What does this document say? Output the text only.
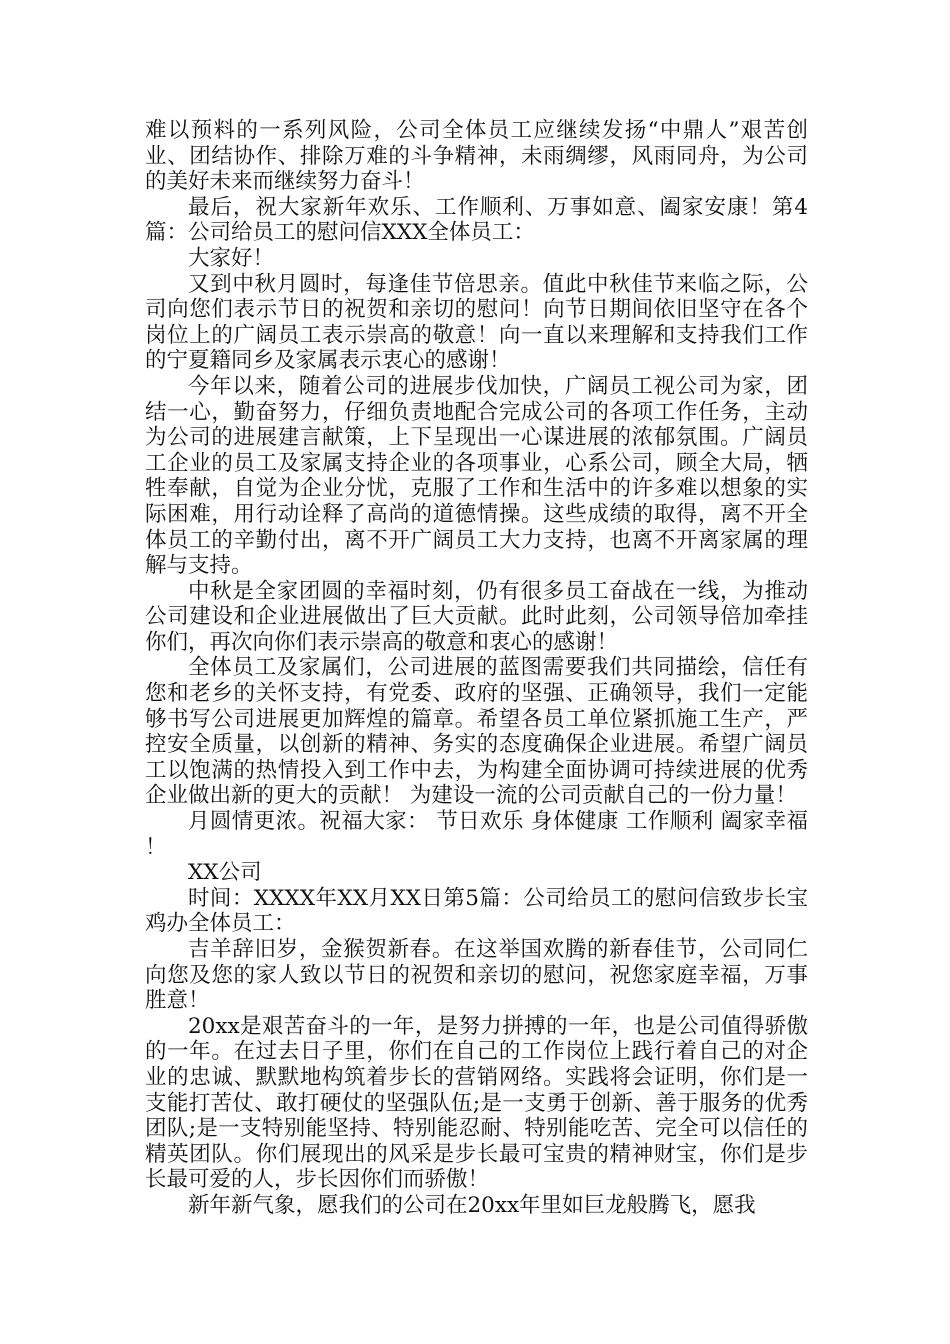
难以预料的一系列风险，公司全体员工应继续发扬“中鼎人”艰苦创业、团结协作、排除万难的斗争精神，未雨绸缪，风雨同舟，为公司的美好未来而继续努力奋斗！

最后，祝大家新年欢乐、工作顺利、万事如意、阖家安康！第4篇：公司给员工的慰问信XXX全体员工：

大家好！

又到中秋月圆时，每逢佳节倍思亲。值此中秋佳节来临之际，公司向您们表示节日的祝贺和亲切的慰问！向节日期间依旧坚守在各个岗位上的广阔员工表示崇高的敬意！向一直以来理解和支持我们工作的宁夏籍同乡及家属表示衷心的感谢！

今年以来，随着公司的进展步伐加快，广阔员工视公司为家，团结一心，勤奋努力，仔细负责地配合完成公司的各项工作任务，主动为公司的进展建言献策，上下呈现出一心谋进展的浓郁氛围。广阔员工企业的员工及家属支持企业的各项事业，心系公司，顾全大局，牺牲奉献，自觉为企业分忧，克服了工作和生活中的许多难以想象的实际困难，用行动诠释了高尚的道德情操。这些成绩的取得，离不开全体员工的辛勤付出，离不开广阔员工大力支持，也离不开离家属的理解与支持。

中秋是全家团圆的幸福时刻，仍有很多员工奋战在一线，为推动公司建设和企业进展做出了巨大贡献。此时此刻，公司领导倍加牵挂你们，再次向你们表示崇高的敬意和衷心的感谢！

全体员工及家属们，公司进展的蓝图需要我们共同描绘，信任有您和老乡的关怀支持，有党委、政府的坚强、正确领导，我们一定能够书写公司进展更加辉煌的篇章。希望各员工单位紧抓施工生产，严控安全质量，以创新的精神、务实的态度确保企业进展。希望广阔员工以饱满的热情投入到工作中去，为构建全面协调可持续进展的优秀企业做出新的更大的贡献！ 为建设一流的公司贡献自己的一份力量！

月圆情更浓。祝福大家： 节日欢乐 身体健康 工作顺利 阖家幸福 ！

XX公司

时间：XXXX年XX月XX日第5篇：公司给员工的慰问信致步长宝鸡办全体员工：

吉羊辞旧岁，金猴贺新春。在这举国欢腾的新春佳节，公司同仁向您及您的家人致以节日的祝贺和亲切的慰问，祝您家庭幸福，万事胜意！

20xx是艰苦奋斗的一年，是努力拼搏的一年，也是公司值得骄傲的一年。在过去日子里，你们在自己的工作岗位上践行着自己的对企业的忠诚、默默地构筑着步长的营销网络。实践将会证明，你们是一支能打苦仗、敢打硬仗的坚强队伍;是一支勇于创新、善于服务的优秀团队;是一支特别能坚持、特别能忍耐、特别能吃苦、完全可以信任的精英团队。你们展现出的风采是步长最可宝贵的精神财宝，你们是步长最可爱的人，步长因你们而骄傲！

新年新气象，愿我们的公司在20xx年里如巨龙般腾飞，愿我
